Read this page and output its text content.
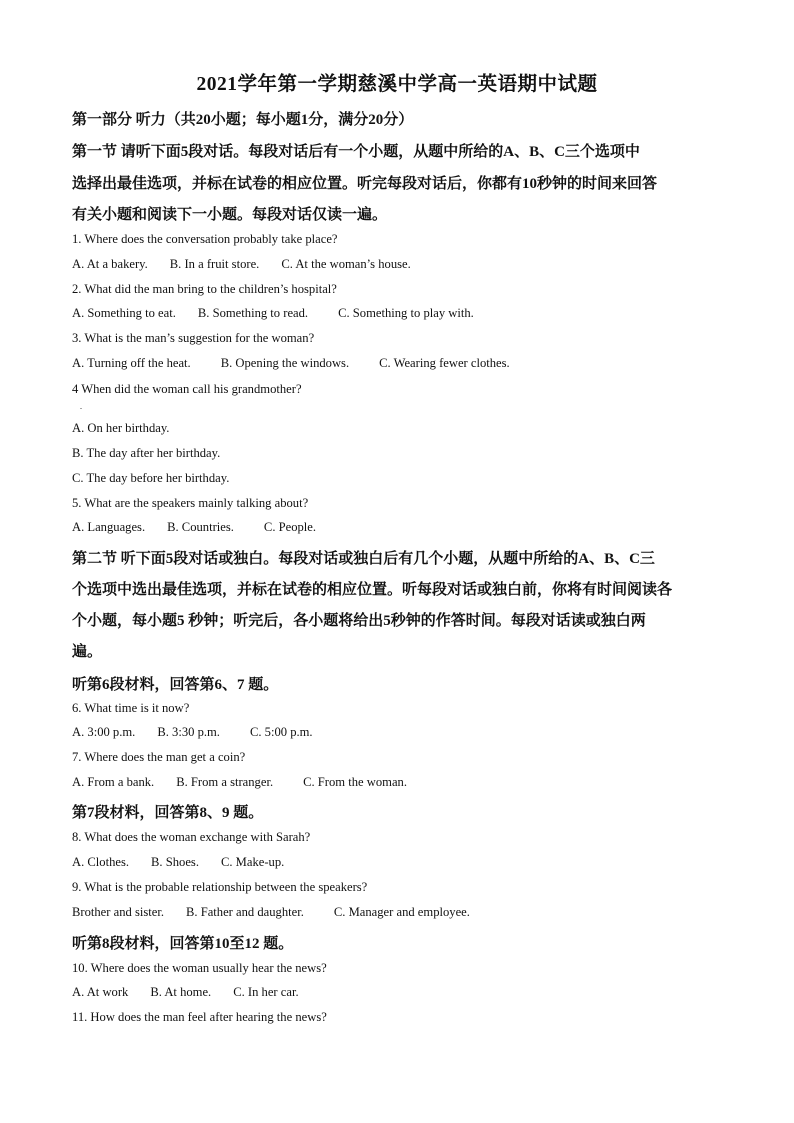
2021学年第一学期慈溪中学高一英语期中试题
第一部分 听力（共20小题；每小题1分，满分20分）
第一节 请听下面5段对话。每段对话后有一个小题，从题中所给的A、B、C三个选项中
选择出最佳选项，并标在试卷的相应位置。听完每段对话后，你都有10秒钟的时间来回答
有关小题和阅读下一小题。每段对话仅读一遍。
1. Where does the conversation probably take place?
A. At a bakery. B. In a fruit store. C. At the woman’s house.
2. What did the man bring to the children’s hospital?
A. Something to eat. B. Something to read. C. Something to play with.
3. What is the man’s suggestion for the woman?
A. Turning off the heat. B. Opening the windows. C. Wearing fewer clothes.
4 When did the woman call his grandmother?
.
A. On her birthday.
B. The day after her birthday.
C. The day before her birthday.
5. What are the speakers mainly talking about?
A. Languages. B. Countries. C. People.
第二节 听下面5段对话或独白。每段对话或独白后有几个小题，从题中所给的A、B、C三
个选项中选出最佳选项，并标在试卷的相应位置。听每段对话或独白前，你将有时间阅读各
个小题，每小题5 秒钟；听完后，各小题将给出5秒钟的作答时间。每段对话读或独白两
遍。
听第6段材料，回答第6、7 题。
6. What time is it now?
A. 3:00 p.m. B. 3:30 p.m. C. 5:00 p.m.
7. Where does the man get a coin?
A. From a bank. B. From a stranger. C. From the woman.
第7段材料，回答第8、9 题。
8. What does the woman exchange with Sarah?
A. Clothes. B. Shoes. C. Make-up.
9. What is the probable relationship between the speakers?
Brother and sister. B. Father and daughter. C. Manager and employee.
听第8段材料，回答第10至12 题。
10. Where does the woman usually hear the news?
A. At work B. At home. C. In her car.
11. How does the man feel after hearing the news?
